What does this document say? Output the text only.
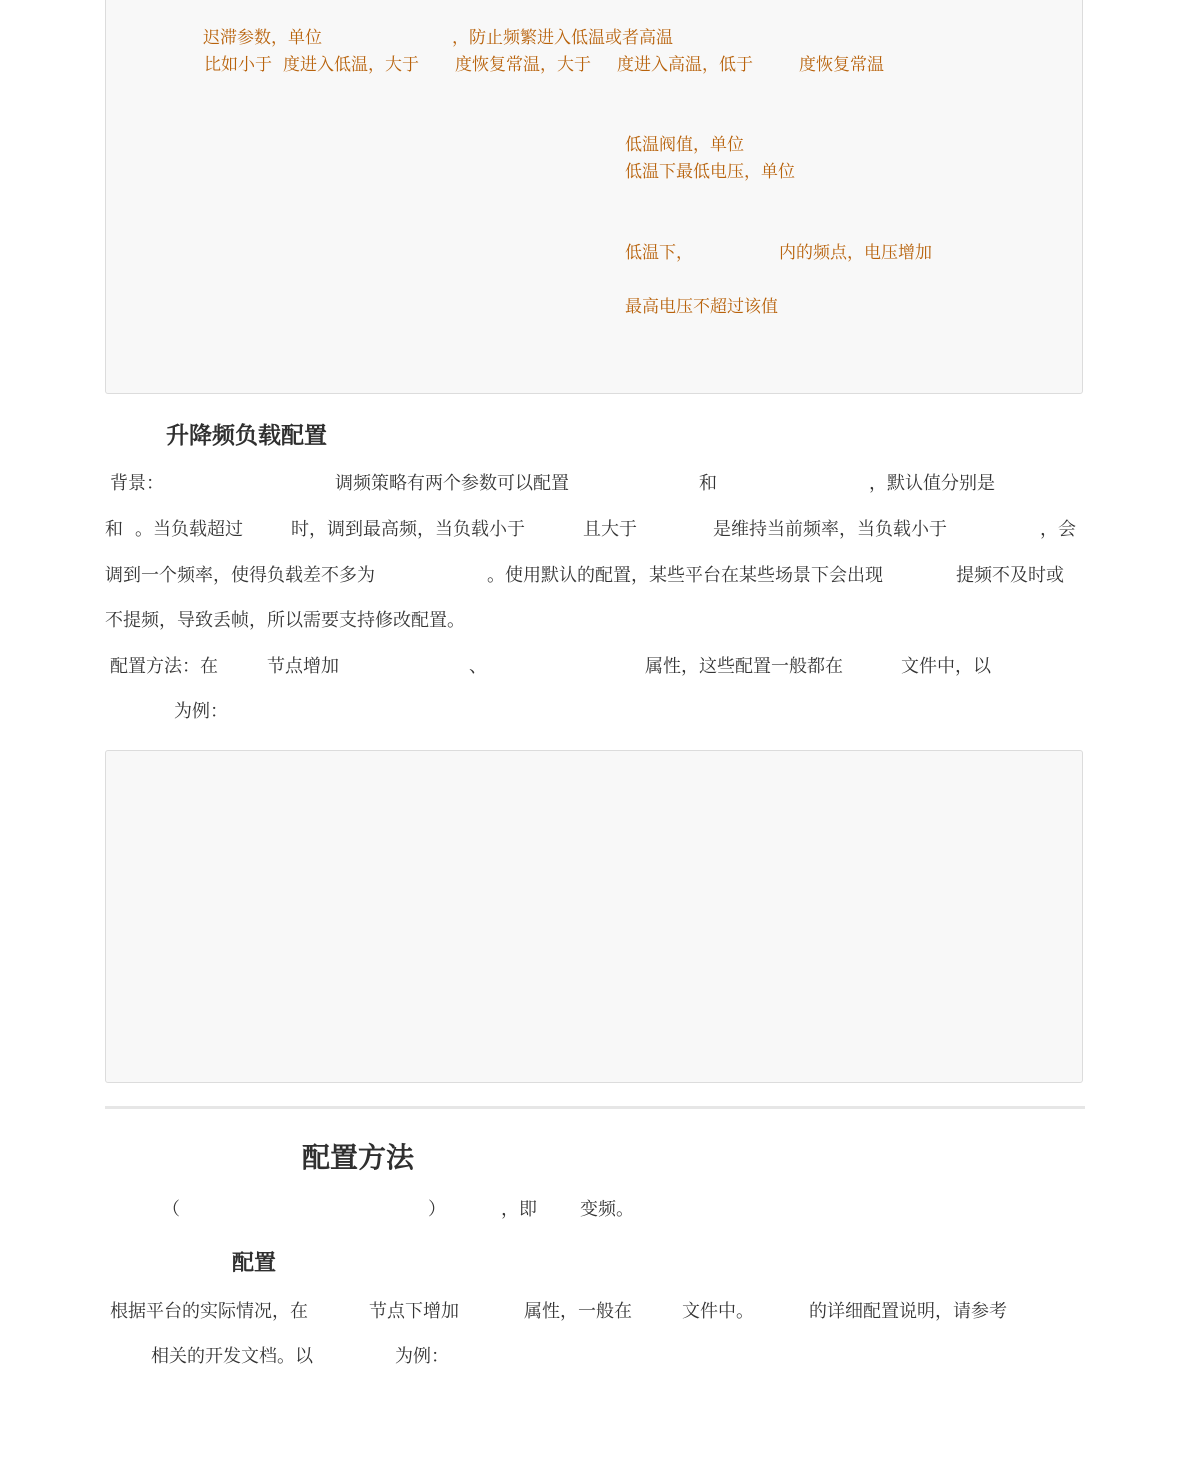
迟滞参数，单位	，防止频繁进入低温或者高温
比如小于 度进入低温，大于 度恢复常温，大于 度进入高温，低于	度恢复常温
低温阀值，单位
低温下最低电压，单位
低温下，	内的频点，电压增加
最高电压不超过该值
升降频负载配置
背景：	调频策略有两个参数可以配置	和	，默认值分别是
和 。当负载超过	时，调到最高频，当负载小于	且大于	是维持当前频率，当负载小于	，会
调到一个频率，使得负载差不多为	。使用默认的配置，某些平台在某些场景下会出现	提频不及时或
不提频，导致丢帧，所以需要支持修改配置。
配置方法：在	节点增加	、	属性，这些配置一般都在	文件中，以
为例：
配置方法
（	）	，即 变频。
配置
根据平台的实际情况，在	节点下增加	属性，一般在	文件中。	的详细配置说明，请参考
相关的开发文档。以	为例：
